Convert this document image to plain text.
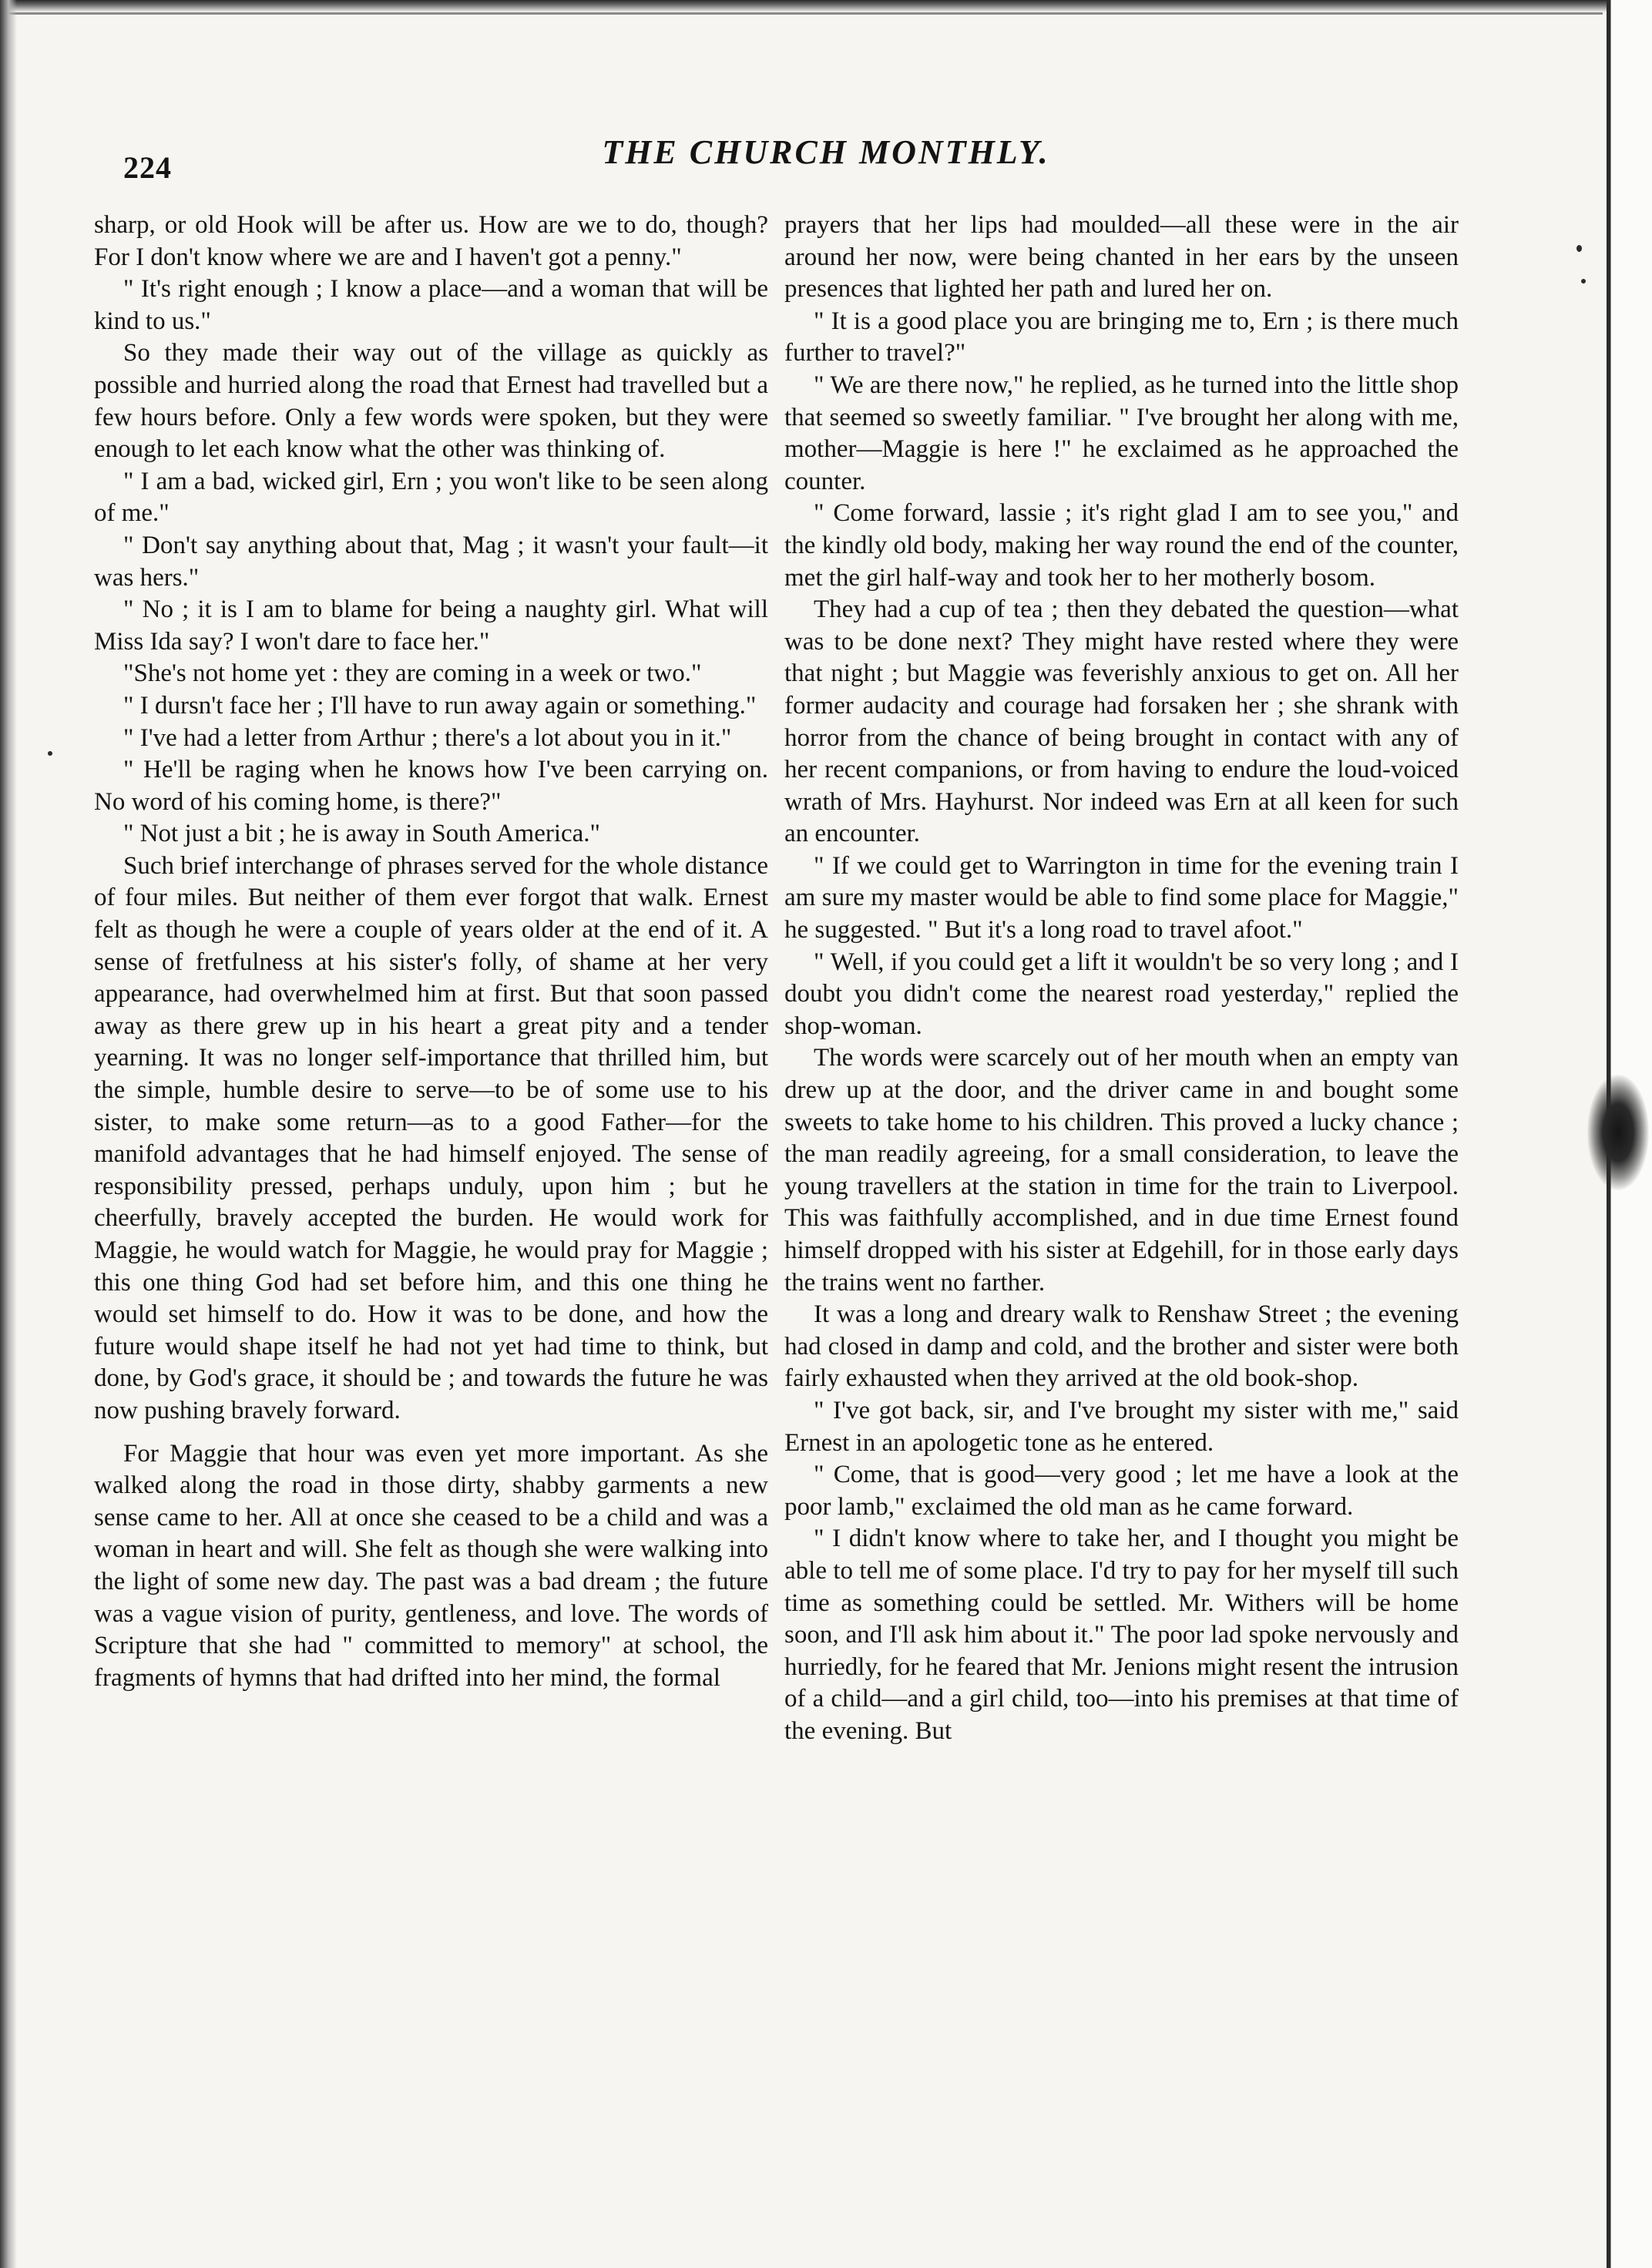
224	THE CHURCH MONTHLY.

sharp, or old Hook will be after us. How are we to do, though? For I don't know where we are and I haven't got a penny."

" It's right enough ; I know a place—and a woman that will be kind to us."

So they made their way out of the village as quickly as possible and hurried along the road that Ernest had travelled but a few hours before. Only a few words were spoken, but they were enough to let each know what the other was thinking of.

" I am a bad, wicked girl, Ern ; you won't like to be seen along of me."

" Don't say anything about that, Mag ; it wasn't your fault—it was hers."

" No ; it is I am to blame for being a naughty girl. What will Miss Ida say? I won't dare to face her."

"She's not home yet : they are coming in a week or two."

" I dursn't face her ; I'll have to run away again or something."

" I've had a letter from Arthur ; there's a lot about you in it."

" He'll be raging when he knows how I've been carrying on. No word of his coming home, is there?"

" Not just a bit ; he is away in South America."

Such brief interchange of phrases served for the whole distance of four miles. But neither of them ever forgot that walk. Ernest felt as though he were a couple of years older at the end of it. A sense of fretfulness at his sister's folly, of shame at her very appearance, had overwhelmed him at first. But that soon passed away as there grew up in his heart a great pity and a tender yearning. It was no longer self-importance that thrilled him, but the simple, humble desire to serve—to be of some use to his sister, to make some return—as to a good Father—for the manifold advantages that he had himself enjoyed. The sense of responsibility pressed, perhaps unduly, upon him ; but he cheerfully, bravely accepted the burden. He would work for Maggie, he would watch for Maggie, he would pray for Maggie ; this one thing God had set before him, and this one thing he would set himself to do. How it was to be done, and how the future would shape itself he had not yet had time to think, but done, by God's grace, it should be ; and towards the future he was now pushing bravely forward.

For Maggie that hour was even yet more important. As she walked along the road in those dirty, shabby garments a new sense came to her. All at once she ceased to be a child and was a woman in heart and will. She felt as though she were walking into the light of some new day. The past was a bad dream ; the future was a vague vision of purity, gentleness, and love. The words of Scripture that she had " committed to memory" at school, the fragments of hymns that had drifted into her mind, the formal

prayers that her lips had moulded—all these were in the air around her now, were being chanted in her ears by the unseen presences that lighted her path and lured her on.

" It is a good place you are bringing me to, Ern ; is there much further to travel?"

" We are there now," he replied, as he turned into the little shop that seemed so sweetly familiar. " I've brought her along with me, mother—Maggie is here !" he exclaimed as he approached the counter.

" Come forward, lassie ; it's right glad I am to see you," and the kindly old body, making her way round the end of the counter, met the girl half-way and took her to her motherly bosom.

They had a cup of tea ; then they debated the question—what was to be done next? They might have rested where they were that night ; but Maggie was feverishly anxious to get on. All her former audacity and courage had forsaken her ; she shrank with horror from the chance of being brought in contact with any of her recent companions, or from having to endure the loud-voiced wrath of Mrs. Hayhurst. Nor indeed was Ern at all keen for such an encounter.

" If we could get to Warrington in time for the evening train I am sure my master would be able to find some place for Maggie," he suggested. " But it's a long road to travel afoot."

" Well, if you could get a lift it wouldn't be so very long ; and I doubt you didn't come the nearest road yesterday," replied the shop-woman.

The words were scarcely out of her mouth when an empty van drew up at the door, and the driver came in and bought some sweets to take home to his children. This proved a lucky chance ; the man readily agreeing, for a small consideration, to leave the young travellers at the station in time for the train to Liverpool. This was faithfully accomplished, and in due time Ernest found himself dropped with his sister at Edgehill, for in those early days the trains went no farther.

It was a long and dreary walk to Renshaw Street ; the evening had closed in damp and cold, and the brother and sister were both fairly exhausted when they arrived at the old book-shop.

" I've got back, sir, and I've brought my sister with me," said Ernest in an apologetic tone as he entered.

" Come, that is good—very good ; let me have a look at the poor lamb," exclaimed the old man as he came forward.

" I didn't know where to take her, and I thought you might be able to tell me of some place. I'd try to pay for her myself till such time as something could be settled. Mr. Withers will be home soon, and I'll ask him about it." The poor lad spoke nervously and hurriedly, for he feared that Mr. Jenions might resent the intrusion of a child—and a girl child, too—into his premises at that time of the evening. But
